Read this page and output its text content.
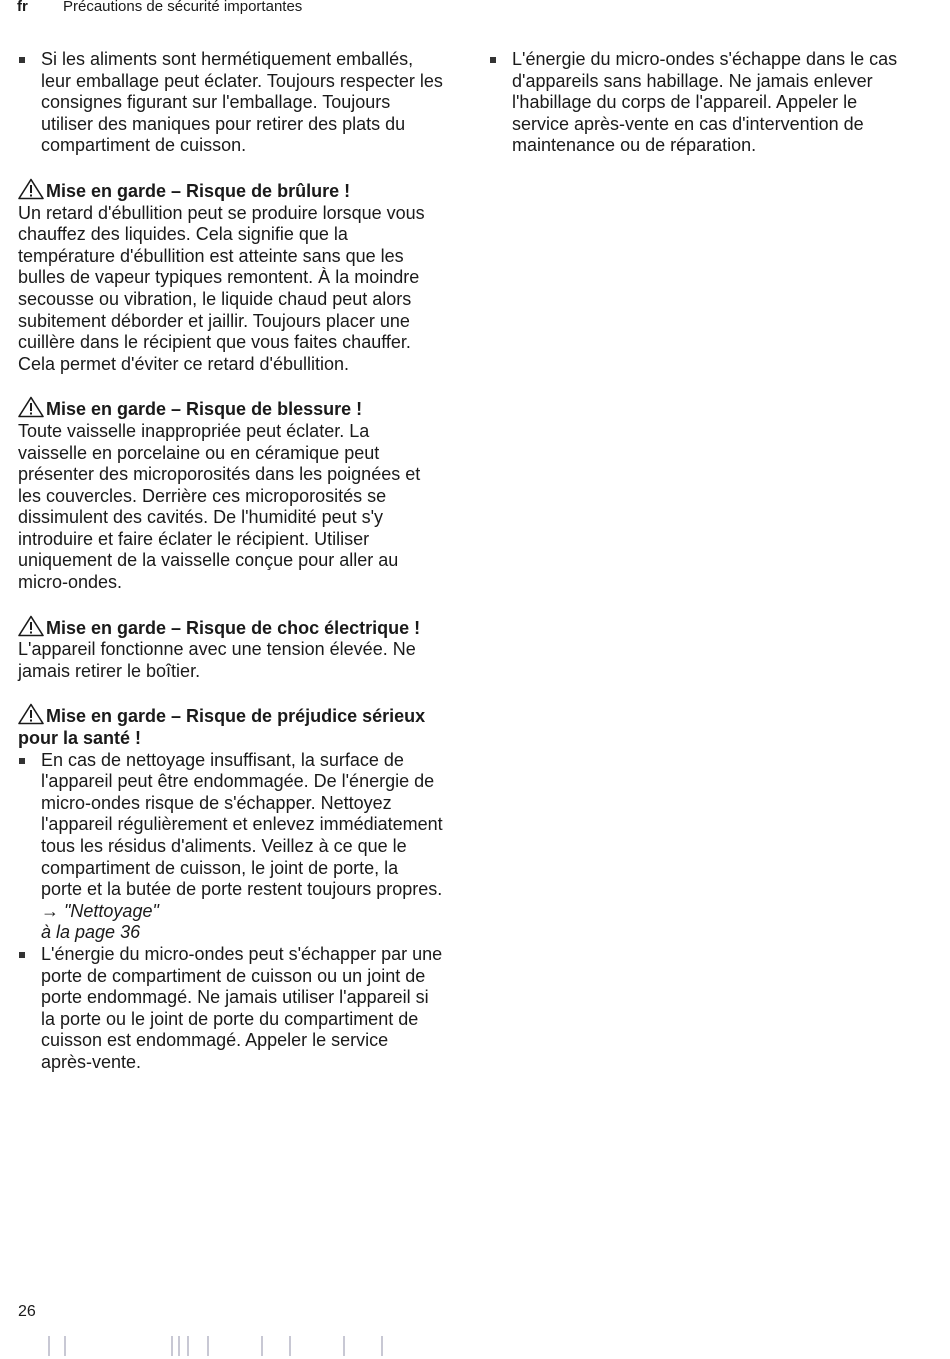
fr Précautions de sécurité importantes
Si les aliments sont hermétiquement emballés, leur emballage peut éclater. Toujours respecter les consignes figurant sur l'emballage. Toujours utiliser des maniques pour retirer des plats du compartiment de cuisson.
Mise en garde – Risque de brûlure !
Un retard d'ébullition peut se produire lorsque vous chauffez des liquides. Cela signifie que la température d'ébullition est atteinte sans que les bulles de vapeur typiques remontent. À la moindre secousse ou vibration, le liquide chaud peut alors subitement déborder et jaillir. Toujours placer une cuillère dans le récipient que vous faites chauffer. Cela permet d'éviter ce retard d'ébullition.
Mise en garde – Risque de blessure !
Toute vaisselle inappropriée peut éclater. La vaisselle en porcelaine ou en céramique peut présenter des microporosités dans les poignées et les couvercles. Derrière ces microporosités se dissimulent des cavités. De l'humidité peut s'y introduire et faire éclater le récipient. Utiliser uniquement de la vaisselle conçue pour aller au micro-ondes.
Mise en garde – Risque de choc électrique !
L'appareil fonctionne avec une tension élevée. Ne jamais retirer le boîtier.
Mise en garde – Risque de préjudice sérieux pour la santé !
En cas de nettoyage insuffisant, la surface de l'appareil peut être endommagée. De l'énergie de micro-ondes risque de s'échapper. Nettoyez l'appareil régulièrement et enlevez immédiatement tous les résidus d'aliments. Veillez à ce que le compartiment de cuisson, le joint de porte, la porte et la butée de porte restent toujours propres. → "Nettoyage"
à la page 36
L'énergie du micro-ondes peut s'échapper par une porte de compartiment de cuisson ou un joint de porte endommagé. Ne jamais utiliser l'appareil si la porte ou le joint de porte du compartiment de cuisson est endommagé. Appeler le service après-vente.
L'énergie du micro-ondes s'échappe dans le cas d'appareils sans habillage. Ne jamais enlever l'habillage du corps de l'appareil. Appeler le service après-vente en cas d'intervention de maintenance ou de réparation.
26
